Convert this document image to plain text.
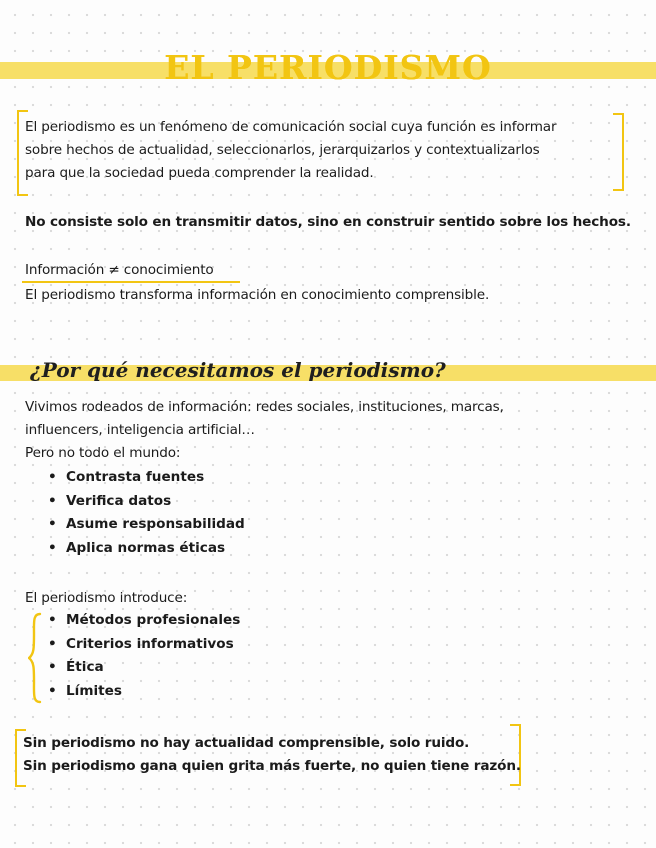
EL PERIODISMO
El periodismo es un fenómeno de comunicación social cuya función es informar
sobre hechos de actualidad, seleccionarlos, jerarquizarlos y contextualizarlos
para que la sociedad pueda comprender la realidad.
No consiste solo en transmitir datos, sino en construir sentido sobre los hechos.
Información ≠ conocimiento
El periodismo transforma información en conocimiento comprensible.
¿Por qué necesitamos el periodismo?
Vivimos rodeados de información: redes sociales, instituciones, marcas,
influencers, inteligencia artificial…
Pero no todo el mundo:
• Contrasta fuentes
• Verifica datos
• Asume responsabilidad
• Aplica normas éticas
El periodismo introduce:
• Métodos profesionales
• Criterios informativos
• Ética
• Límites
Sin periodismo no hay actualidad comprensible, solo ruido.
Sin periodismo gana quien grita más fuerte, no quien tiene razón.
